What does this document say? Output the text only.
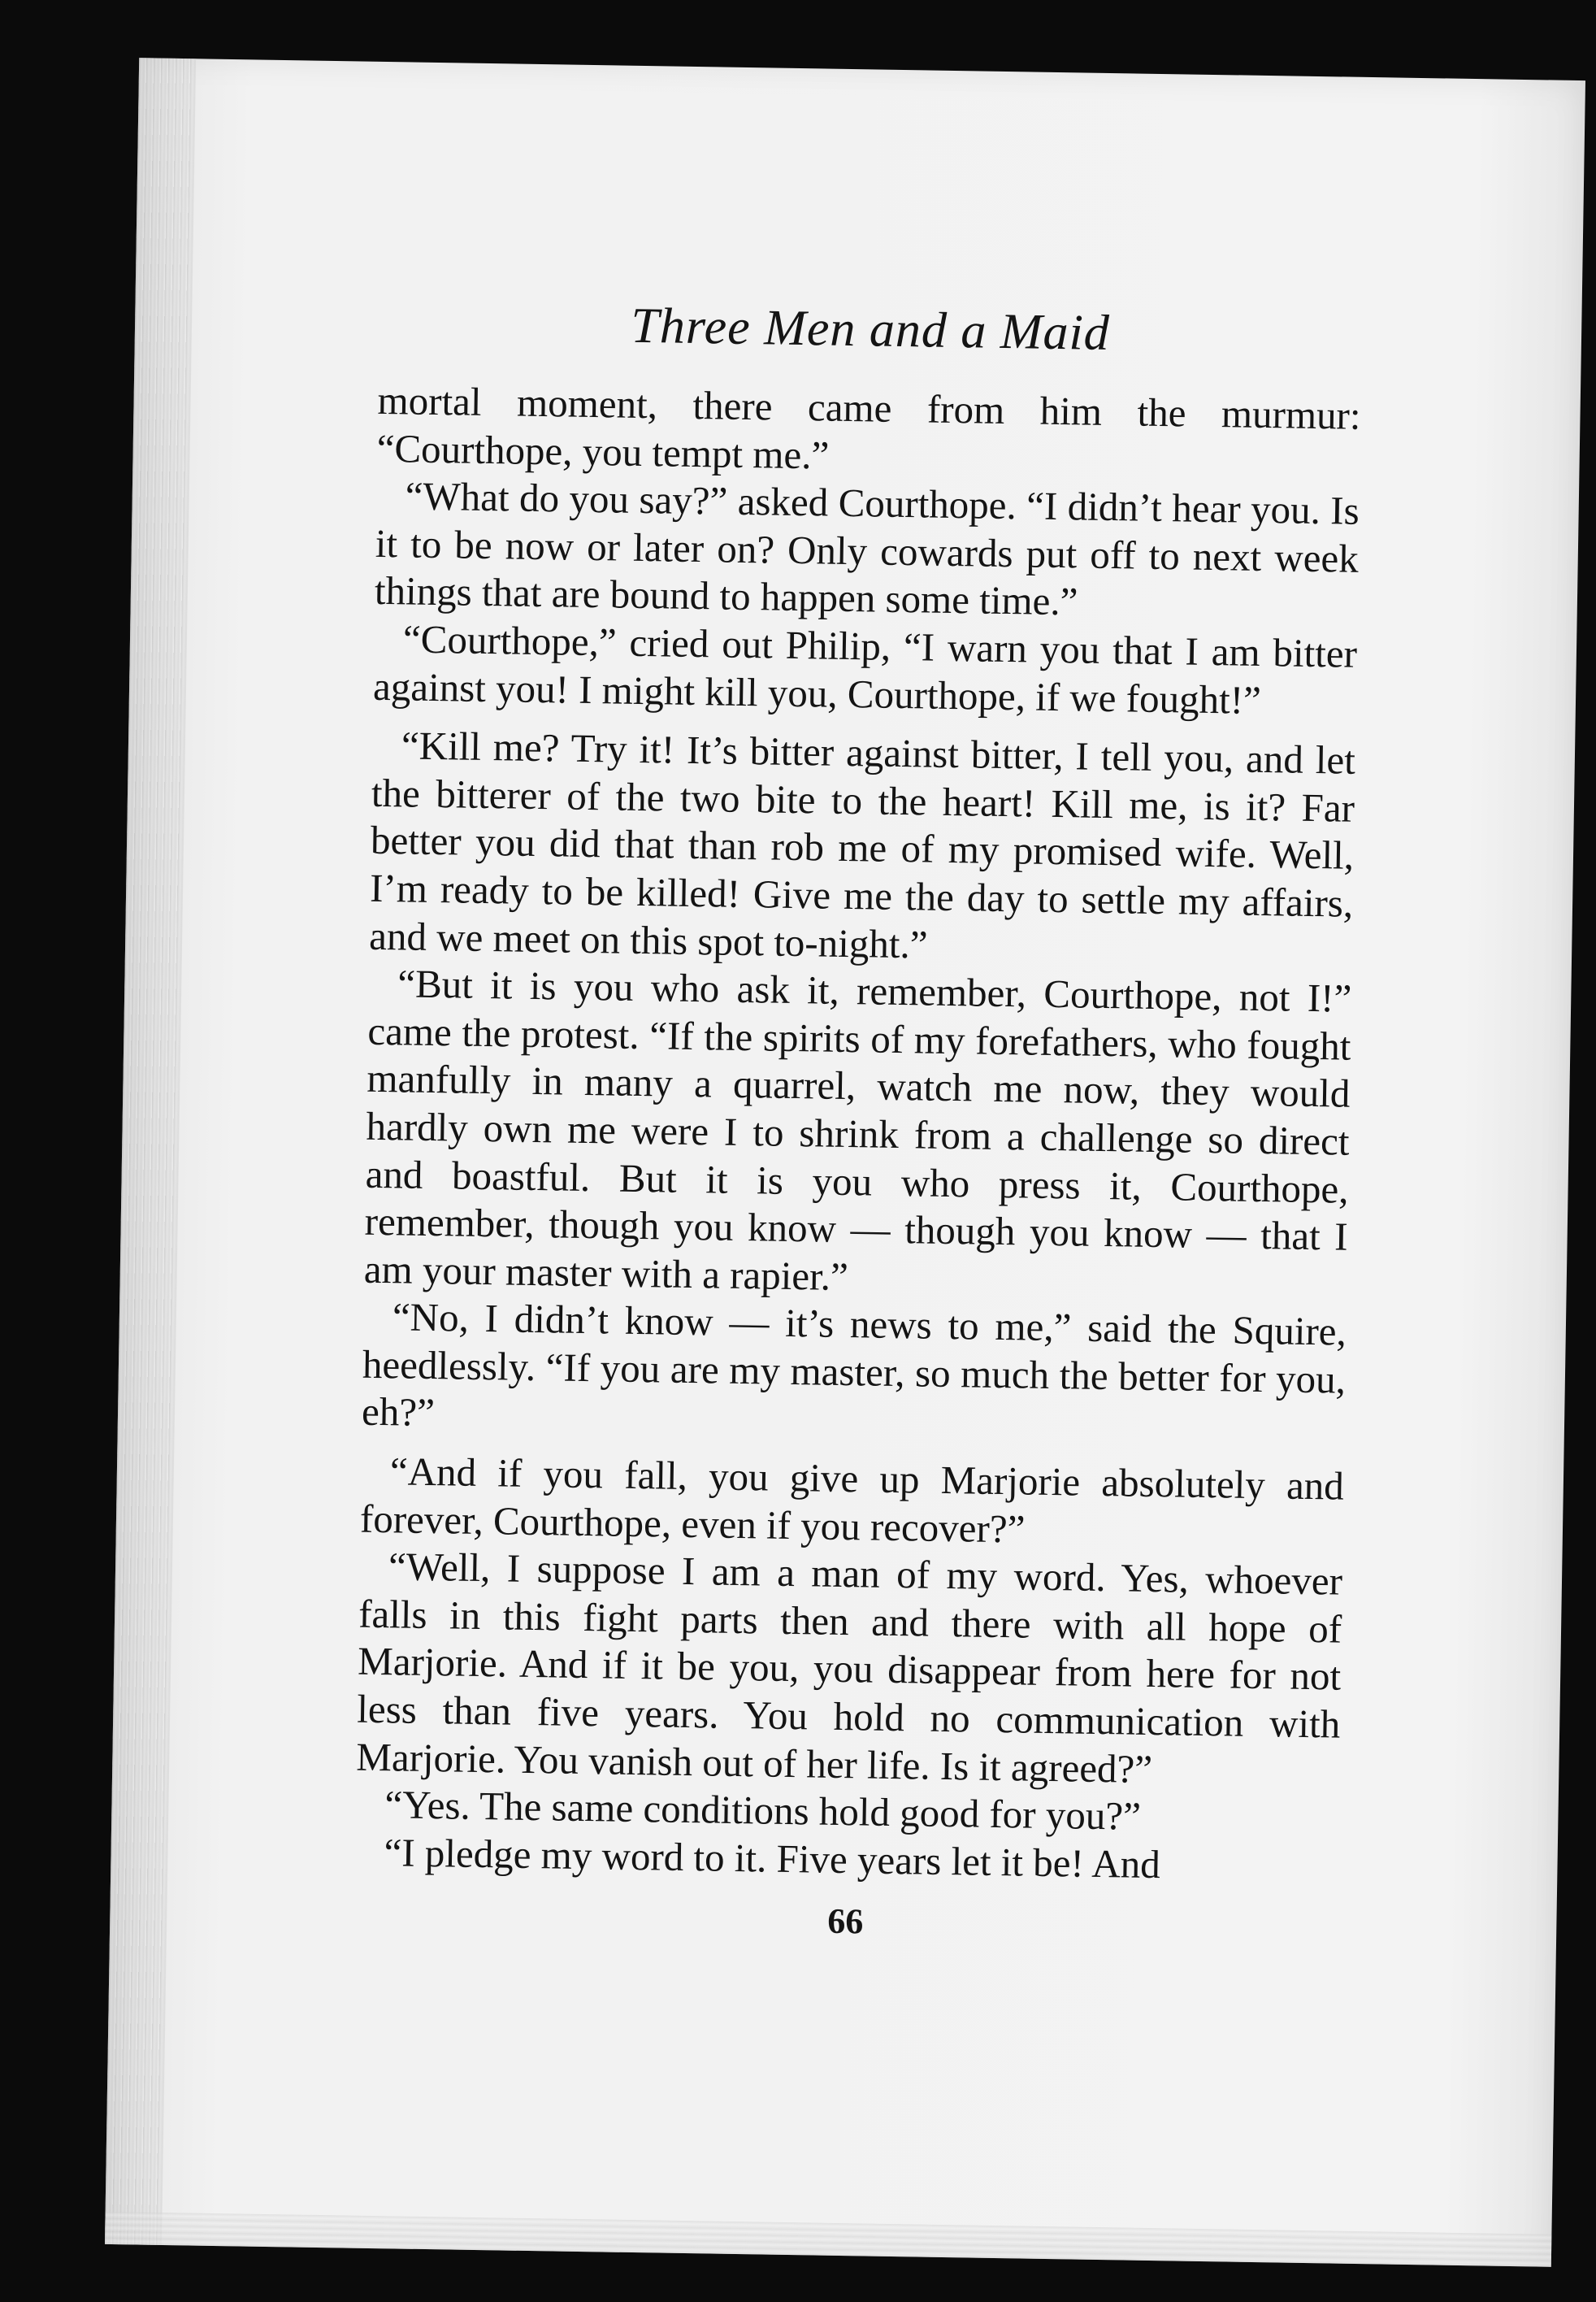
Three Men and a Maid

mortal moment, there came from him the murmur: “Courthope, you tempt me.”

“What do you say?” asked Courthope. “I didn’t hear you. Is it to be now or later on? Only cowards put off to next week things that are bound to happen some time.”

“Courthope,” cried out Philip, “I warn you that I am bitter against you! I might kill you, Courthope, if we fought!”

“Kill me? Try it! It’s bitter against bitter, I tell you, and let the bitterer of the two bite to the heart! Kill me, is it? Far better you did that than rob me of my promised wife. Well, I’m ready to be killed! Give me the day to settle my affairs, and we meet on this spot to-night.”

“But it is you who ask it, remember, Courthope, not I!” came the protest. “If the spirits of my forefathers, who fought manfully in many a quarrel, watch me now, they would hardly own me were I to shrink from a challenge so direct and boastful. But it is you who press it, Courthope, remember, though you know — though you know — that I am your master with a rapier.”

“No, I didn’t know — it’s news to me,” said the Squire, heedlessly. “If you are my master, so much the better for you, eh?”

“And if you fall, you give up Marjorie absolutely and forever, Courthope, even if you recover?”

“Well, I suppose I am a man of my word. Yes, whoever falls in this fight parts then and there with all hope of Marjorie. And if it be you, you disappear from here for not less than five years. You hold no communication with Marjorie. You vanish out of her life. Is it agreed?”

“Yes. The same conditions hold good for you?”

“I pledge my word to it. Five years let it be! And

66
